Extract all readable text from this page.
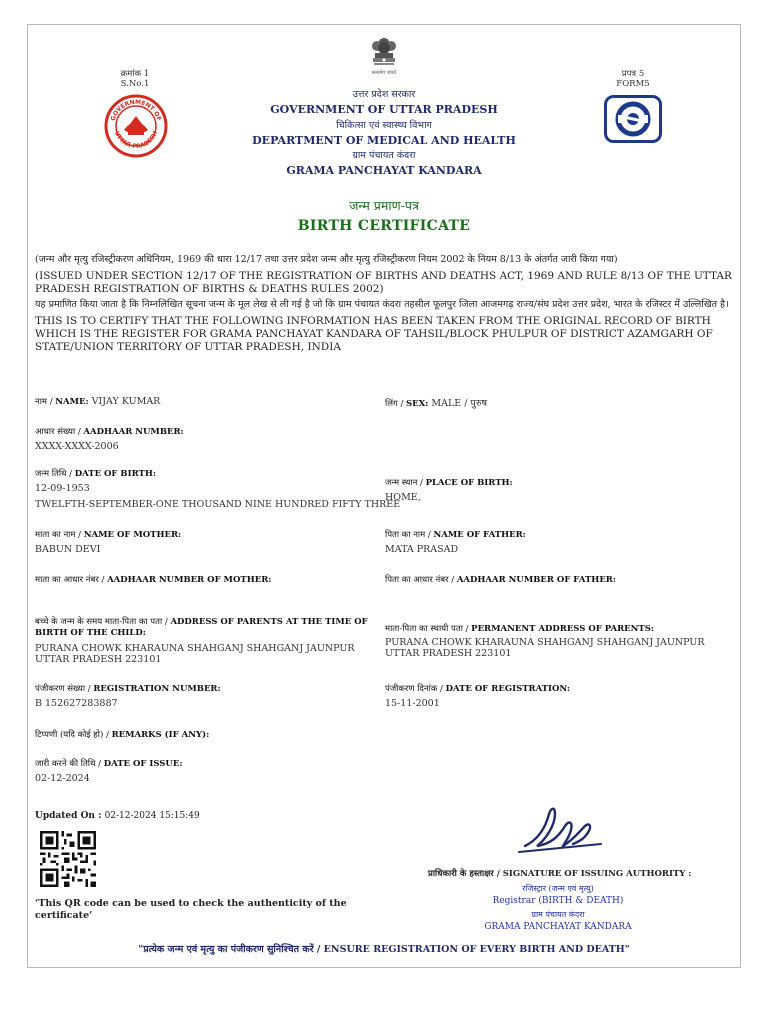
क्रमांक 1
S.No.1
प्रपत्र 5
FORM5
GOVERNMENT OF
UTTAR PRADESH
सत्यमेव जयते
उत्तर प्रदेश सरकार
GOVERNMENT OF UTTAR PRADESH
चिकित्सा एवं स्वास्थ्य विभाग
DEPARTMENT OF MEDICAL AND HEALTH
ग्राम पंचायत कंदरा
GRAMA PANCHAYAT KANDARA
जन्म प्रमाण-पत्र
BIRTH CERTIFICATE
(जन्म और मृत्यु रजिस्ट्रीकरण अधिनियम, 1969 की धारा 12/17 तथा उत्तर प्रदेश जन्म और मृत्यु रजिस्ट्रीकरण नियम 2002 के नियम 8/13 के अंतर्गत जारी किया गया)
(ISSUED UNDER SECTION 12/17 OF THE REGISTRATION OF BIRTHS AND DEATHS ACT, 1969 AND RULE 8/13 OF THE UTTAR PRADESH REGISTRATION OF BIRTHS & DEATHS RULES 2002)
यह प्रमाणित किया जाता है कि निम्नलिखित सूचना जन्म के मूल लेख से ली गई है जो कि ग्राम पंचायत कंदरा तहसील फूलपुर जिला आजमगढ़ राज्य/संघ प्रदेश उत्तर प्रदेश, भारत के रजिस्टर में उल्लिखित है।
THIS IS TO CERTIFY THAT THE FOLLOWING INFORMATION HAS BEEN TAKEN FROM THE ORIGINAL RECORD OF BIRTH WHICH IS THE REGISTER FOR GRAMA PANCHAYAT KANDARA OF TAHSIL/BLOCK PHULPUR OF DISTRICT AZAMGARH OF STATE/UNION TERRITORY OF UTTAR PRADESH, INDIA
नाम / NAME: VIJAY KUMAR	लिंग / SEX: MALE / पुरुष
आधार संख्या / AADHAAR NUMBER:
XXXX-XXXX-2006
जन्म तिथि / DATE OF BIRTH:
12-09-1953
TWELFTH-SEPTEMBER-ONE THOUSAND NINE HUNDRED FIFTY THREE
जन्म स्थान / PLACE OF BIRTH:
HOME,
माता का नाम / NAME OF MOTHER:
BABUN DEVI
पिता का नाम / NAME OF FATHER:
MATA PRASAD
माता का आधार नंबर / AADHAAR NUMBER OF MOTHER:	पिता का आधार नंबर / AADHAAR NUMBER OF FATHER:
बच्चे के जन्म के समय माता-पिता का पता / ADDRESS OF PARENTS AT THE TIME OF BIRTH OF THE CHILD:
PURANA CHOWK KHARAUNA SHAHGANJ SHAHGANJ JAUNPUR UTTAR PRADESH 223101
माता-पिता का स्थायी पता / PERMANENT ADDRESS OF PARENTS:
PURANA CHOWK KHARAUNA SHAHGANJ SHAHGANJ JAUNPUR UTTAR PRADESH 223101
पंजीकरण संख्या / REGISTRATION NUMBER:
B 152627283887
पंजीकरण दिनांक / DATE OF REGISTRATION:
15-11-2001
टिप्पणी (यदि कोई हो) / REMARKS (IF ANY):
जारी करने की तिथि / DATE OF ISSUE:
02-12-2024
Updated On : 02-12-2024 15:15:49
‘This QR code can be used to check the authenticity of the certificate’
प्राधिकारी के हस्ताक्षर / SIGNATURE OF ISSUING AUTHORITY :
रजिस्ट्रार (जन्म एवं मृत्यु)
Registrar (BIRTH & DEATH)
ग्राम पंचायत कंदरा
GRAMA PANCHAYAT KANDARA
"प्रत्येक जन्म एवं मृत्यु का पंजीकरण सुनिश्चित करें / ENSURE REGISTRATION OF EVERY BIRTH AND DEATH"
